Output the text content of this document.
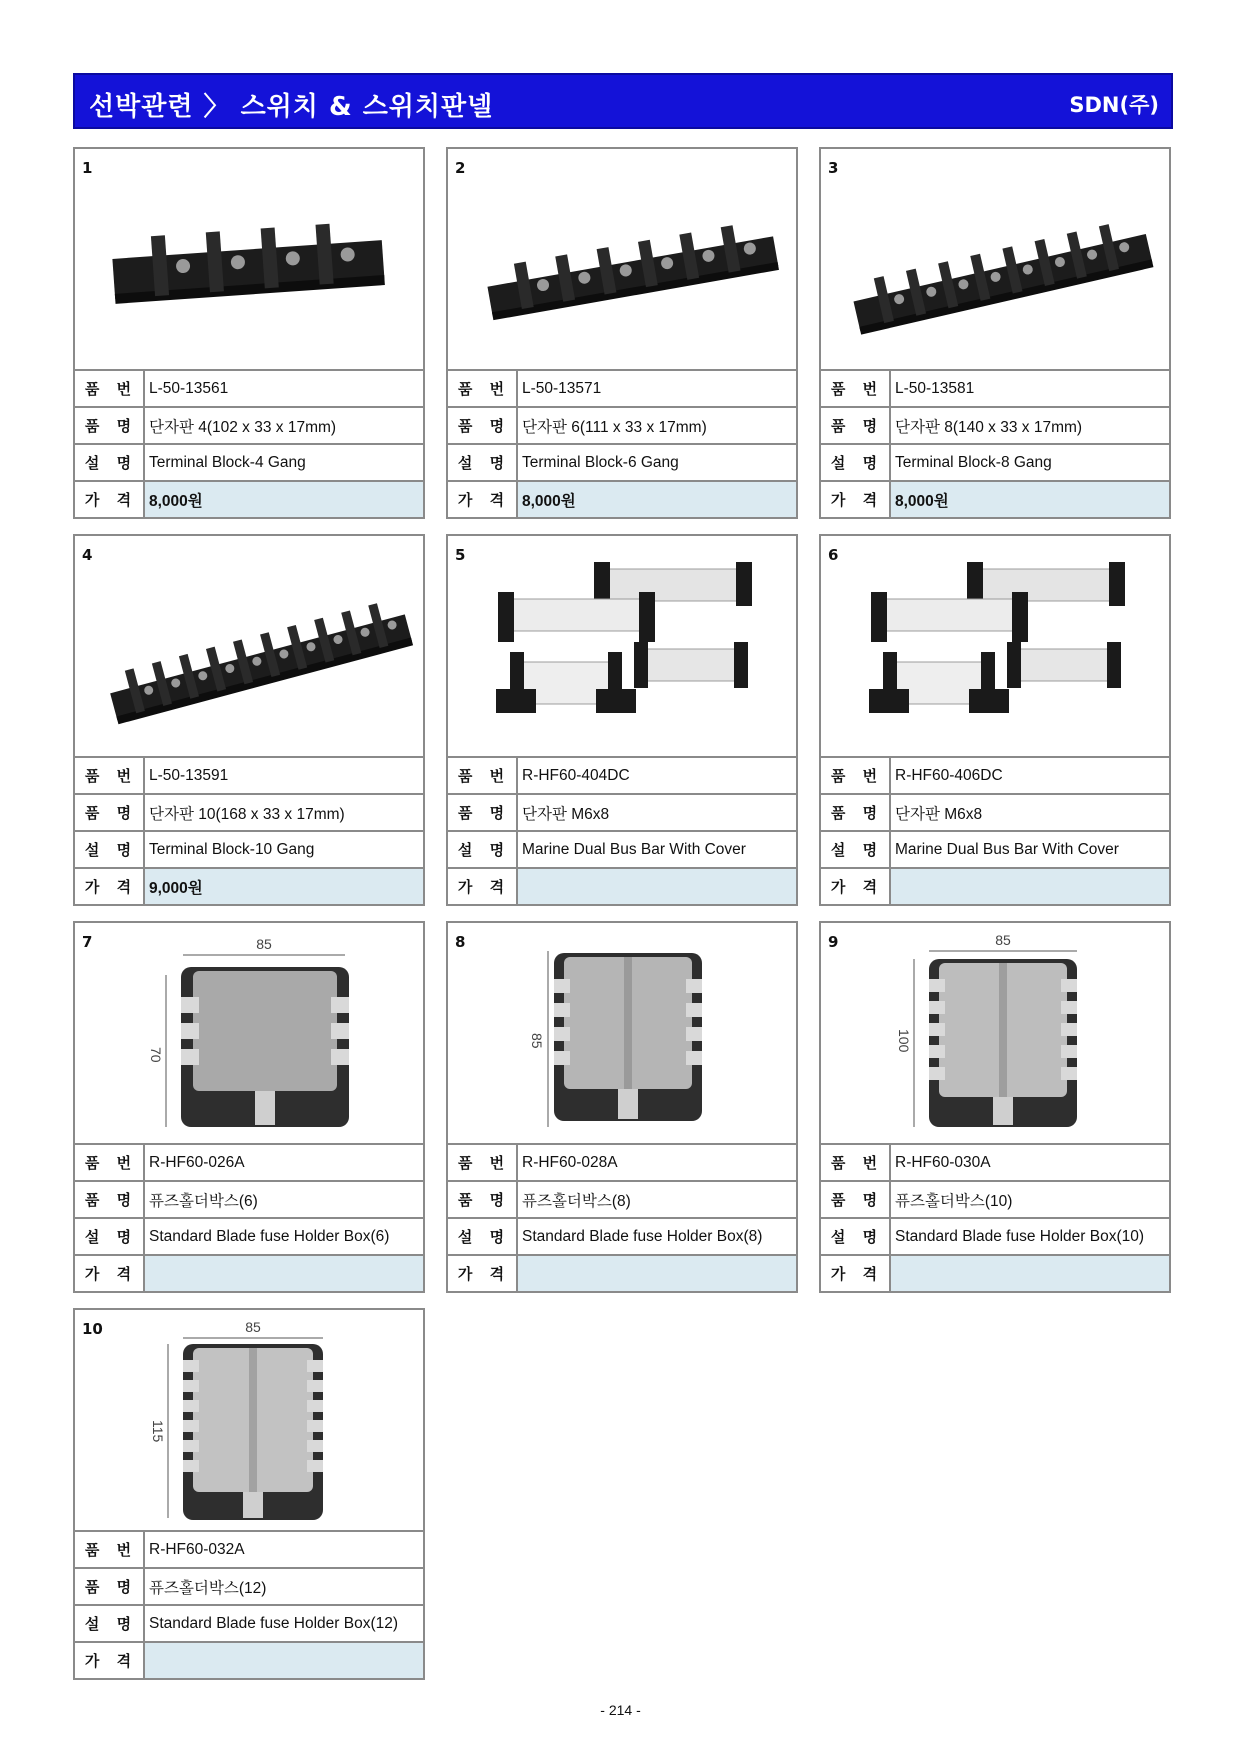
선박관련 〉 스위치 & 스위치판넬	SDN(주)
1
품 번	L-50-13561
품 명	단자판 4(102 x 33 x 17mm)
설 명	Terminal Block-4 Gang
가 격	8,000원
2
품 번	L-50-13571
품 명	단자판 6(111 x 33 x 17mm)
설 명	Terminal Block-6 Gang
가 격	8,000원
3
품 번	L-50-13581
품 명	단자판 8(140 x 33 x 17mm)
설 명	Terminal Block-8 Gang
가 격	8,000원
4
품 번	L-50-13591
품 명	단자판 10(168 x 33 x 17mm)
설 명	Terminal Block-10 Gang
가 격	9,000원
5
품 번	R-HF60-404DC
품 명	단자판 M6x8
설 명	Marine Dual Bus Bar With Cover
가 격	
6
품 번	R-HF60-406DC
품 명	단자판 M6x8
설 명	Marine Dual Bus Bar With Cover
가 격	
85
70
7
품 번	R-HF60-026A
품 명	퓨즈홀더박스(6)
설 명	Standard Blade fuse Holder Box(6)
가 격	
85
8
품 번	R-HF60-028A
품 명	퓨즈홀더박스(8)
설 명	Standard Blade fuse Holder Box(8)
가 격	
85
100
9
품 번	R-HF60-030A
품 명	퓨즈홀더박스(10)
설 명	Standard Blade fuse Holder Box(10)
가 격	
85
115
10
품 번	R-HF60-032A
품 명	퓨즈홀더박스(12)
설 명	Standard Blade fuse Holder Box(12)
가 격	
- 214 -
